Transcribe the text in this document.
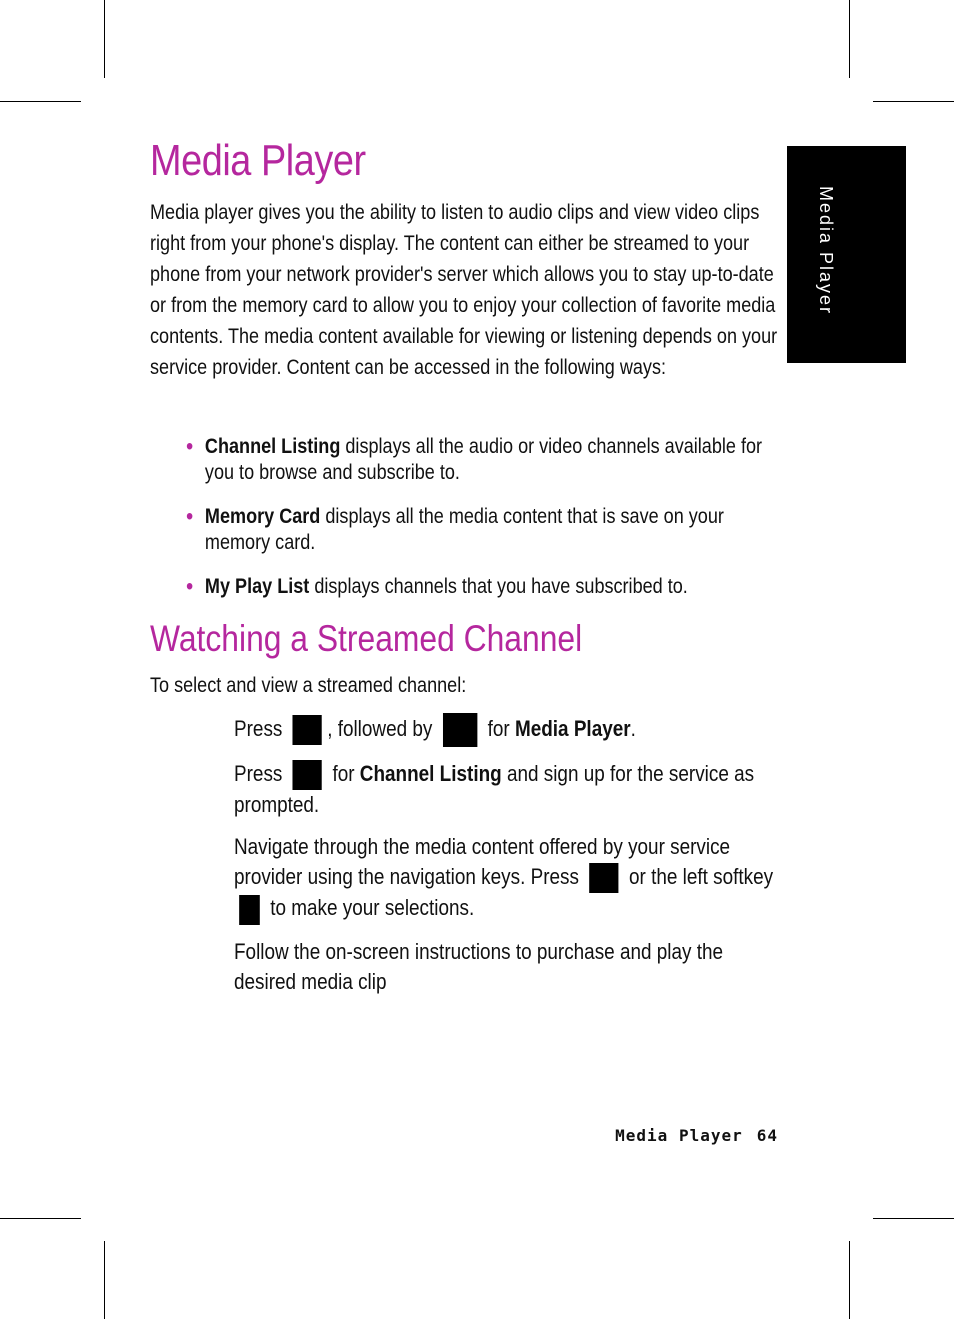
Media Player
Media Player

Media player gives you the ability to listen to audio clips and view video clips right from your phone's display. The content can either be streamed to your phone from your network provider's server which allows you to stay up-to-date or from the memory card to allow you to enjoy your collection of favorite media contents. The media content available for viewing or listening depends on your service provider. Content can be accessed in the following ways:

• Channel Listing displays all the audio or video channels available for you to browse and subscribe to.
• Memory Card displays all the media content that is save on your memory card.
• My Play List displays channels that you have subscribed to.
Watching a Streamed Channel

To select and view a streamed channel:

Press , followed by  for Media Player.

Press  for Channel Listing and sign up for the service as prompted.

Navigate through the media content offered by your service provider using the navigation keys. Press  or the left softkey  to make your selections.

Follow the on-screen instructions to purchase and play the desired media clip

Media Player 64
